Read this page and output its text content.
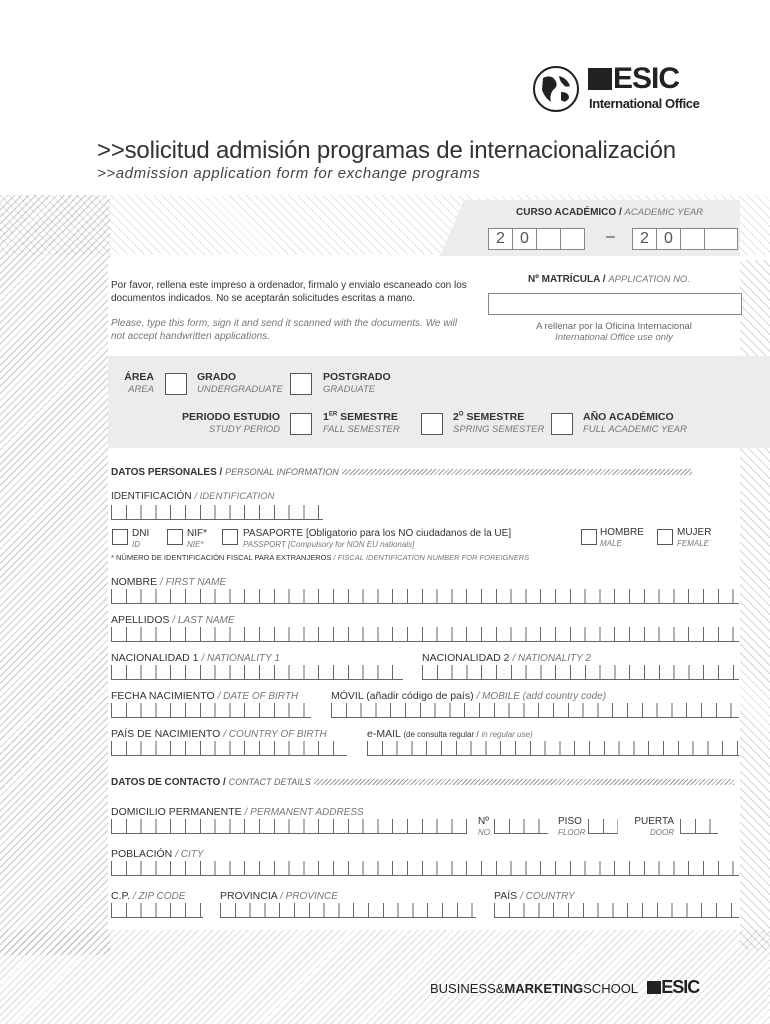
ESIC
International Office
>>solicitud admisión programas de internacionalización
>>admission application form for exchange programs
CURSO ACADÉMICO / ACADEMIC YEAR
2 0	–	2 0
Nº MATRÍCULA / APPLICATION NO.
A rellenar por la Oficina Internacional
International Office use only
Por favor, rellena este impreso a ordenador, firmalo y envialo escaneado con los documentos indicados. No se aceptarán solicitudes escritas a mano.
Please, type this form, sign it and send it scanned with the documents. We will not accept handwritten applications.
ÁREA
AREA
GRADO
UNDERGRADUATE
POSTGRADO
GRADUATE
PERIODO ESTUDIO
STUDY PERIOD
1ER SEMESTRE
FALL SEMESTER
$2^O$ SEMESTRE
SPRING SEMESTER
AÑO ACADÉMICO
FULL ACADEMIC YEAR
DATOS PERSONALES / PERSONAL INFORMATION
IDENTIFICACIÓN / IDENTIFICATION
DNI
ID
NIF*
NIE*
PASAPORTE [Obligatorio para los NO ciudadanos de la UE]
PASSPORT [Compulsory for NON EU nationals]
HOMBRE
MALE
MUJER
FEMALE
* NÚMERO DE IDENTIFICACIÓN FISCAL PARA EXTRANJEROS / FISCAL IDENTIFICATION NUMBER FOR FOREIGNERS
NOMBRE / FIRST NAME
APELLIDOS / LAST NAME
NACIONALIDAD 1 / NATIONALITY 1	NACIONALIDAD 2 / NATIONALITY 2
FECHA NACIMIENTO / DATE OF BIRTH	MÓVIL (añadir código de país) / MOBILE (add country code)
PAÍS DE NACIMIENTO / COUNTRY OF BIRTH	e-MAIL (de consulta regular / in regular use)
DATOS DE CONTACTO / CONTACT DETAILS
DOMICILIO PERMANENTE / PERMANENT ADDRESS
Nº
NO.
PISO
FLOOR
PUERTA
DOOR
POBLACIÓN / CITY
C.P. / ZIP CODE	PROVINCIA / PROVINCE	PAÍS / COUNTRY
BUSINESS&MARKETINGSCHOOL ESIC
